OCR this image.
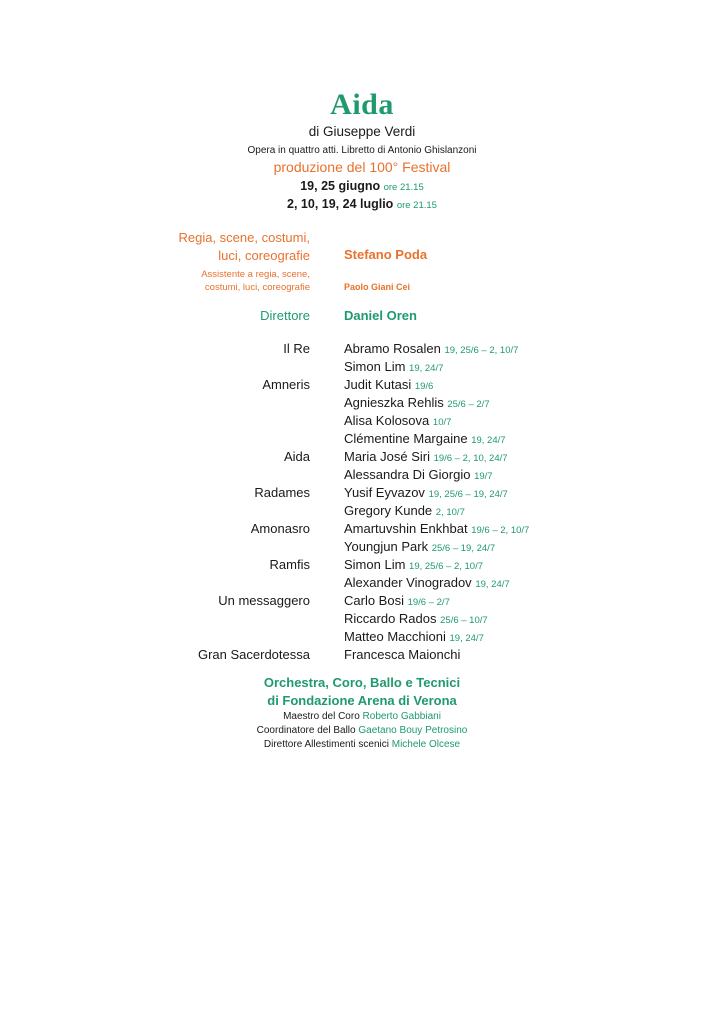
Aida
di Giuseppe Verdi
Opera in quattro atti. Libretto di Antonio Ghislanzoni
produzione del 100° Festival
19, 25 giugno ore 21.15
2, 10, 19, 24 luglio ore 21.15
Regia, scene, costumi,
luci, coreografie	Stefano Poda
Assistente a regia, scene,
costumi, luci, coreografie	Paolo Giani Cei
Direttore	Daniel Oren
Il Re	Abramo Rosalen 19, 25/6 – 2, 10/7
Simon Lim 19, 24/7
Amneris	Judit Kutasi 19/6
Agnieszka Rehlis 25/6 – 2/7
Alisa Kolosova 10/7
Clémentine Margaine 19, 24/7
Aida	Maria José Siri 19/6 – 2, 10, 24/7
Alessandra Di Giorgio 19/7
Radames	Yusif Eyvazov 19, 25/6 – 19, 24/7
Gregory Kunde 2, 10/7
Amonasro	Amartuvshin Enkhbat 19/6 – 2, 10/7
Youngjun Park 25/6 – 19, 24/7
Ramfis	Simon Lim 19, 25/6 – 2, 10/7
Alexander Vinogradov 19, 24/7
Un messaggero	Carlo Bosi 19/6 – 2/7
Riccardo Rados 25/6 – 10/7
Matteo Macchioni 19, 24/7
Gran Sacerdotessa	Francesca Maionchi
Orchestra, Coro, Ballo e Tecnici
di Fondazione Arena di Verona
Maestro del Coro Roberto Gabbiani
Coordinatore del Ballo Gaetano Bouy Petrosino
Direttore Allestimenti scenici Michele Olcese
